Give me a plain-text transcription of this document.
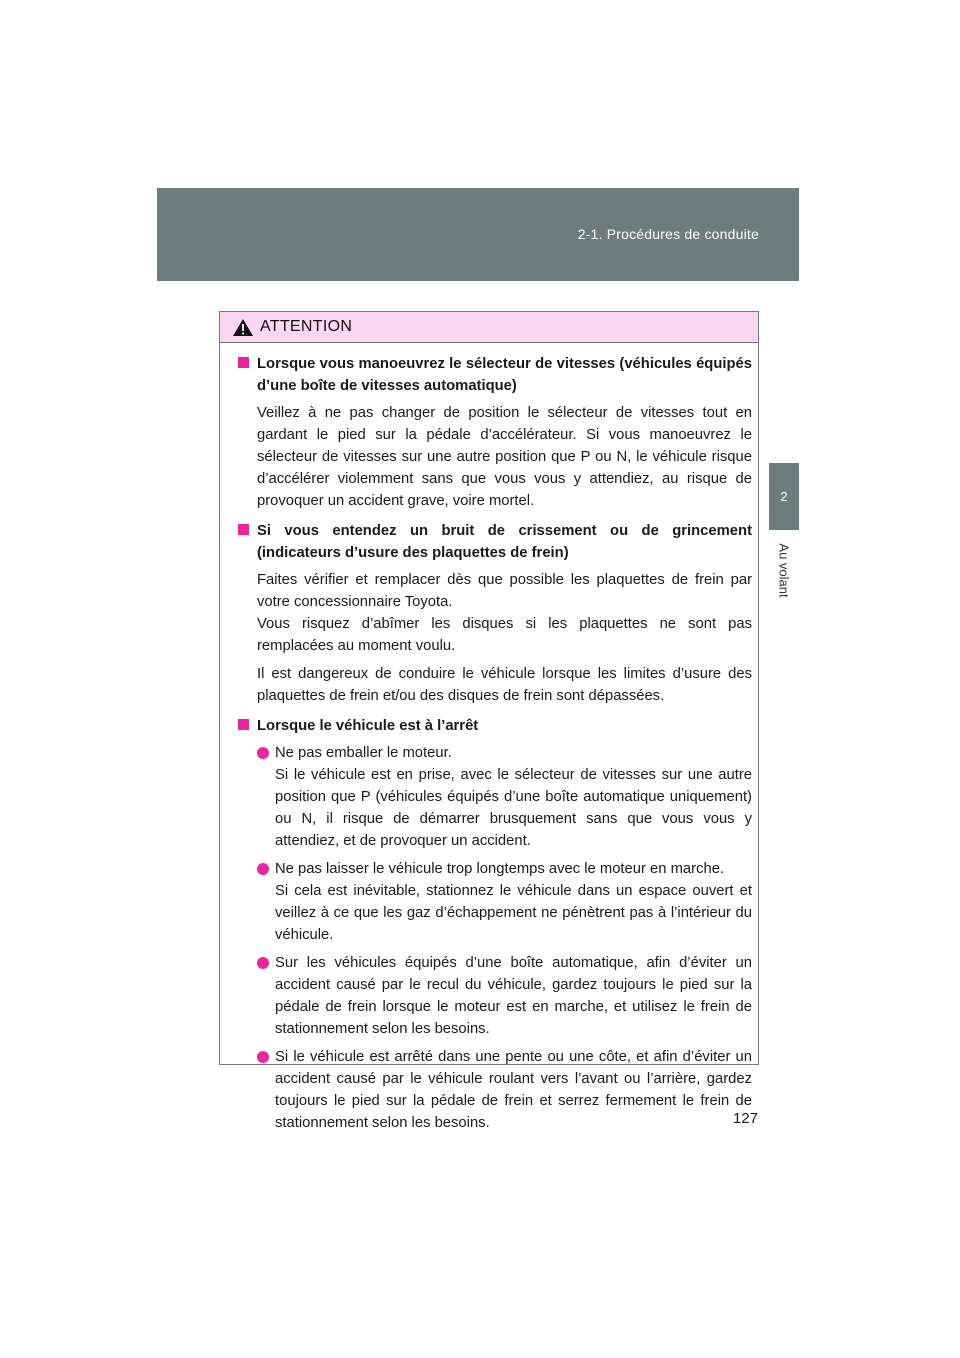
2-1. Procédures de conduite
2
Au volant
ATTENTION

Lorsque vous manoeuvrez le sélecteur de vitesses (véhicules équipés d’une boîte de vitesses automatique)

Veillez à ne pas changer de position le sélecteur de vitesses tout en gardant le pied sur la pédale d’accélérateur. Si vous manoeuvrez le sélecteur de vitesses sur une autre position que P ou N, le véhicule risque d’accélérer violemment sans que vous vous y attendiez, au risque de provoquer un accident grave, voire mortel.

Si vous entendez un bruit de crissement ou de grincement (indicateurs d’usure des plaquettes de frein)

Faites vérifier et remplacer dès que possible les plaquettes de frein par votre concessionnaire Toyota.

Vous risquez d’abîmer les disques si les plaquettes ne sont pas remplacées au moment voulu.

Il est dangereux de conduire le véhicule lorsque les limites d’usure des plaquettes de frein et/ou des disques de frein sont dépassées.

Lorsque le véhicule est à l’arrêt

Ne pas emballer le moteur.

Si le véhicule est en prise, avec le sélecteur de vitesses sur une autre position que P (véhicules équipés d’une boîte automatique uniquement) ou N, il risque de démarrer brusquement sans que vous vous y attendiez, et de provoquer un accident.

Ne pas laisser le véhicule trop longtemps avec le moteur en marche.

Si cela est inévitable, stationnez le véhicule dans un espace ouvert et veillez à ce que les gaz d’échappement ne pénètrent pas à l’intérieur du véhicule.

Sur les véhicules équipés d’une boîte automatique, afin d’éviter un accident causé par le recul du véhicule, gardez toujours le pied sur la pédale de frein lorsque le moteur est en marche, et utilisez le frein de stationnement selon les besoins.

Si le véhicule est arrêté dans une pente ou une côte, et afin d’éviter un accident causé par le véhicule roulant vers l’avant ou l’arrière, gardez toujours le pied sur la pédale de frein et serrez fermement le frein de stationnement selon les besoins.	127
